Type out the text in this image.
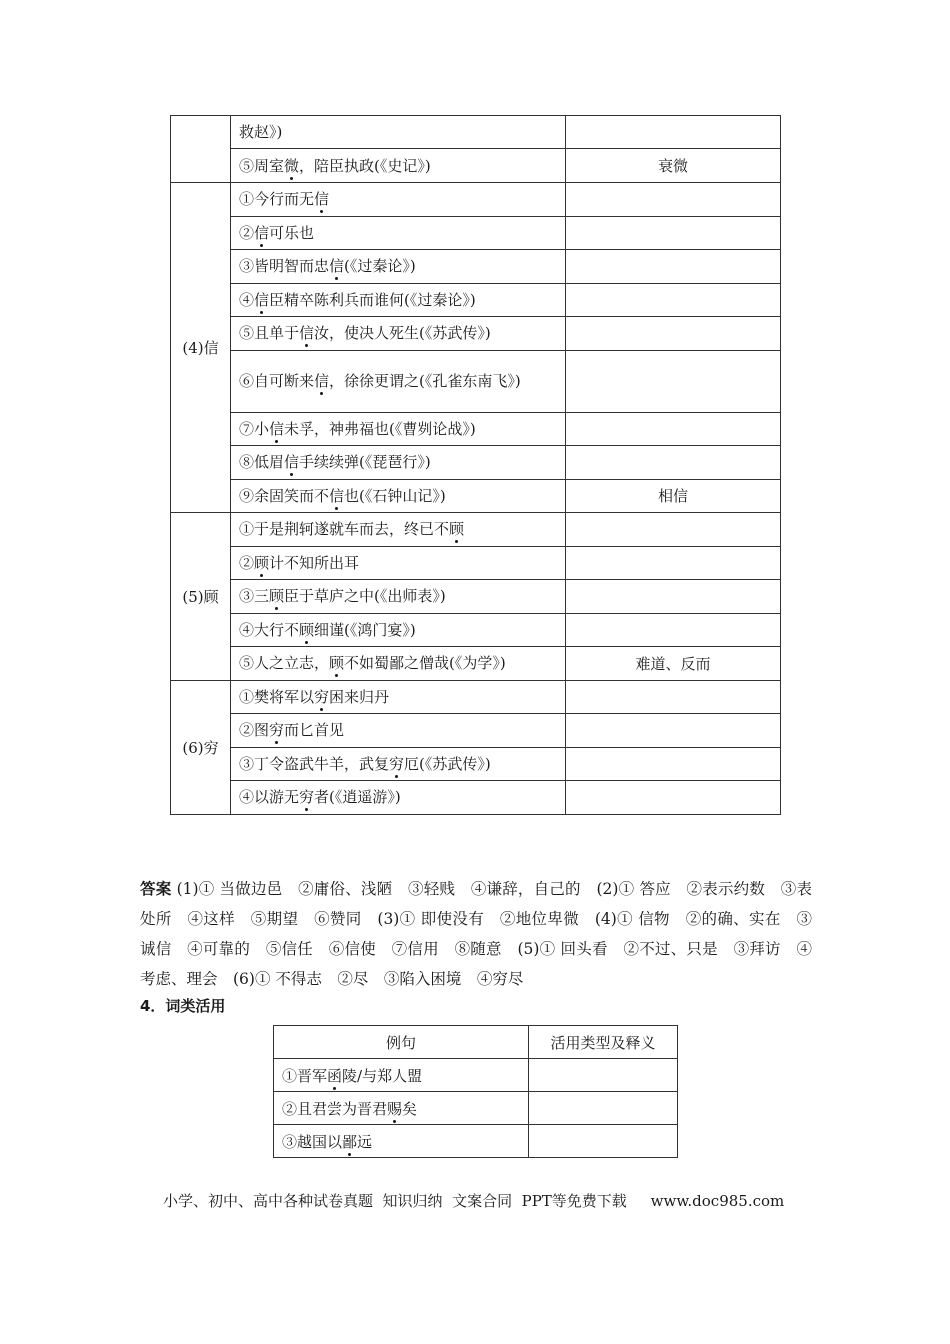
	救赵》)	
	⑤周室微，陪臣执政(《史记》)	衰微
(4)信	①今行而无信	
	②信可乐也	
	③皆明智而忠信(《过秦论》)	
	④信臣精卒陈利兵而谁何(《过秦论》)	
	⑤且单于信汝，使决人死生(《苏武传》)	
	⑥自可断来信，徐徐更谓之(《孔雀东南飞》)	
	⑦小信未孚，神弗福也(《曹刿论战》)	
	⑧低眉信手续续弹(《琵琶行》)	
	⑨余固笑而不信也(《石钟山记》)	相信
(5)顾	①于是荆轲遂就车而去，终已不顾	
	②顾计不知所出耳	
	③三顾臣于草庐之中(《出师表》)	
	④大行不顾细谨(《鸿门宴》)	
	⑤人之立志，顾不如蜀鄙之僧哉(《为学》)	难道、反而
(6)穷	①樊将军以穷困来归丹	
	②图穷而匕首见	
	③丁令盗武牛羊，武复穷厄(《苏武传》)	
	④以游无穷者(《逍遥游》)	
答案 (1)① 当做边邑　②庸俗、浅陋　③轻贱　④谦辞，自己的　(2)① 答应　②表示约数　③表处所　④这样　⑤期望　⑥赞同　(3)① 即使没有　②地位卑微　(4)① 信物　②的确、实在　③诚信　④可靠的　⑤信任　⑥信使　⑦信用　⑧随意　(5)① 回头看　②不过、只是　③拜访　④考虑、理会　(6)① 不得志　②尽　③陷入困境　④穷尽
4．词类活用
例句	活用类型及释义
①晋军函陵/与郑人盟	
②且君尝为晋君赐矣	
③越国以鄙远	
小学、初中、高中各种试卷真题  知识归纳  文案合同  PPT等免费下载 www.doc985.com
